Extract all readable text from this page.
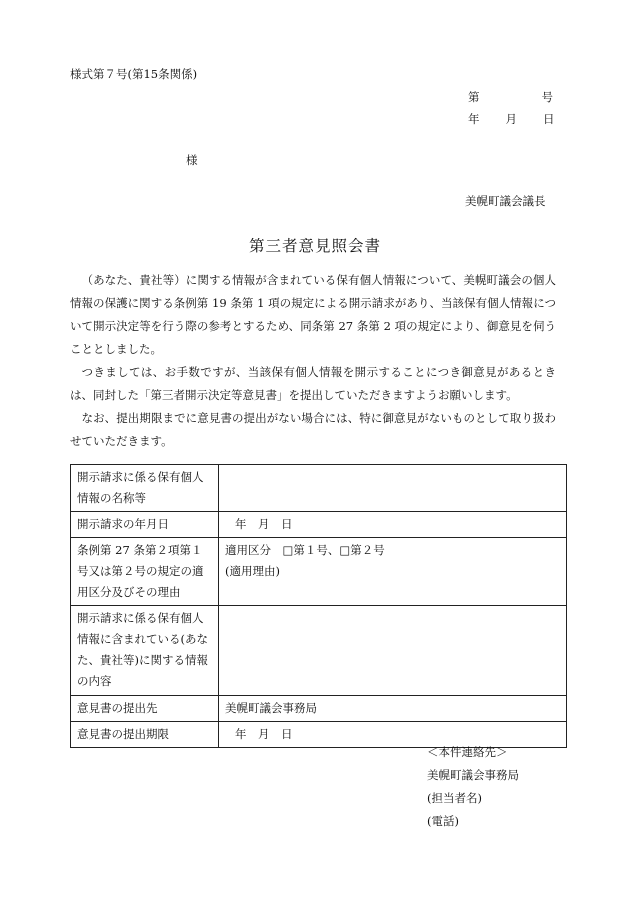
様式第７号(第15条関係)
第	号
年 月 日
様
美幌町議会議長
第三者意見照会書

（あなた、貴社等）に関する情報が含まれている保有個人情報について、美幌町議会の個人情報の保護に関する条例第 19 条第 1 項の規定による開示請求があり、当該保有個人情報について開示決定等を行う際の参考とするため、同条第 27 条第 2 項の規定により、御意見を伺うこととしました。

つきましては、お手数ですが、当該保有個人情報を開示することにつき御意見があるときは、同封した「第三者開示決定等意見書」を提出していただきますようお願いします。

なお、提出期限までに意見書の提出がない場合には、特に御意見がないものとして取り扱わせていただきます。

開示請求に係る保有個人情報の名称等	
開示請求の年月日	年　月　日
条例第 27 条第２項第１号又は第２号の規定の適用区分及びその理由	適用区分　□第１号、□第２号
(適用理由)

開示請求に係る保有個人情報に含まれている(あなた、貴社等)に関する情報の内容	
意見書の提出先	美幌町議会事務局
意見書の提出期限	年　月　日
＜本件連絡先＞
美幌町議会事務局
(担当者名)
(電話)
